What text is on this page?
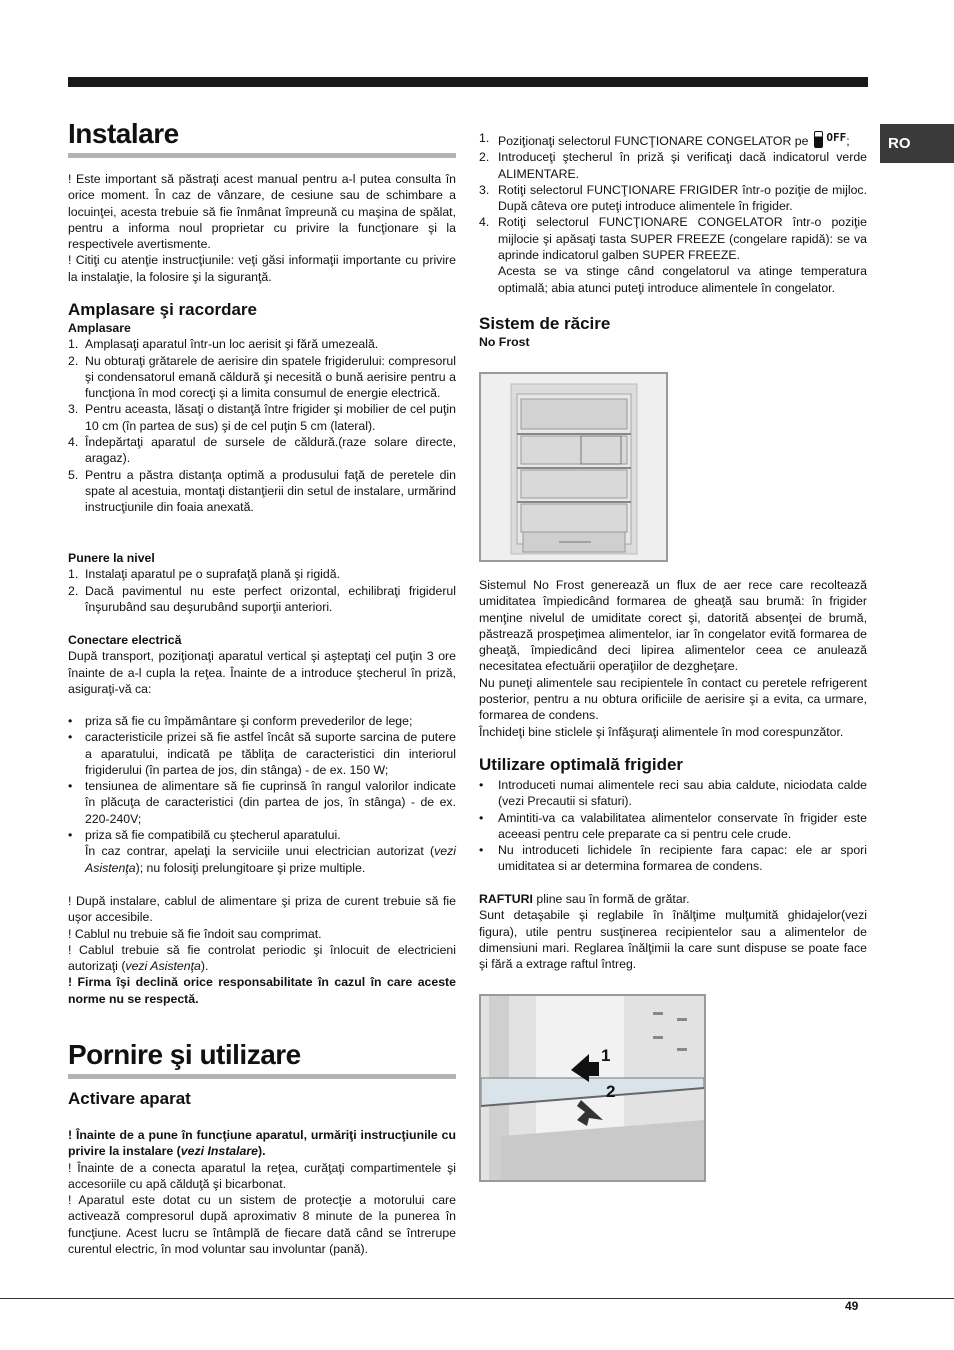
RO
Instalare

! Este important să păstraţi acest manual pentru a-l putea consulta în orice moment. În caz de vânzare, de cesiune sau de schimbare a locuinţei, acesta trebuie să fie înmânat împreună cu maşina de spălat, pentru a informa noul proprietar cu privire la funcţionare şi la respectivele avertismente.

! Citiţi cu atenţie instrucţiunile: veţi găsi informaţii importante cu privire la instalaţie, la folosire şi la siguranţă.

Amplasare şi racordare
Amplasare
1. Amplasaţi aparatul într-un loc aerisit şi fără umezeală.
2. Nu obturaţi grătarele de aerisire din spatele frigiderului: compresorul şi condensatorul emană căldură şi necesită o bună aerisire pentru a funcţiona în mod corecţi şi a limita consumul de energie electrică.
3. Pentru aceasta, lăsaţi o distanţă între frigider şi mobilier de cel puţin 10 cm (în partea de sus) şi de cel puţin 5 cm (lateral).
4. Îndepărtaţi aparatul de sursele de căldură.(raze solare directe, aragaz).
5. Pentru a păstra distanţa optimă a produsului faţă de peretele din spate al acestuia, montaţi distanţierii din setul de instalare, urmărind instrucţiunile din foaia anexată.
Punere la nivel
1. Instalaţi aparatul pe o suprafaţă plană şi rigidă.
2. Dacă pavimentul nu este perfect orizontal, echilibraţi frigiderul înşurubând sau deşurubând suporţii anteriori.
Conectare electrică

După transport, poziţionaţi aparatul vertical şi aşteptaţi cel puţin 3 ore înainte de a-l cupla la reţea. Înainte de a introduce ştecherul în priză, asiguraţi-vă ca:

• priza să fie cu împământare şi conform prevederilor de lege;
• caracteristicile prizei să fie astfel încât să suporte sarcina de putere a aparatului, indicată pe tăbliţa de caracteristici din interiorul frigiderului (în partea de jos, din stânga) - de ex. 150 W;
• tensiunea de alimentare să fie cuprinsă în rangul valorilor indicate în plăcuţa de caracteristici (din partea de jos, în stânga) - de ex. 220-240V;
• priza să fie compatibilă cu ştecherul aparatului.
În caz contrar, apelaţi la serviciile unui electrician autorizat (vezi Asistenţa); nu folosiţi prelungitoare şi prize multiple.

! După instalare, cablul de alimentare şi priza de curent trebuie să fie uşor accesibile.

! Cablul nu trebuie să fie îndoit sau comprimat.

! Cablul trebuie să fie controlat periodic şi înlocuit de electricieni autorizaţi (vezi Asistenţa).

! Firma îşi declină orice responsabilitate în cazul în care aceste norme nu se respectă.

Pornire şi utilizare
Activare aparat

! Înainte de a pune în funcţiune aparatul, urmăriţi instrucţiunile cu privire la instalare (vezi Instalare).

! Înainte de a conecta aparatul la reţea, curăţaţi compartimentele şi accesoriile cu apă călduţă şi bicarbonat.

! Aparatul este dotat cu un sistem de protecţie a motorului care activează compresorul după aproximativ 8 minute de la punerea în funcţiune. Acest lucru se întâmplă de fiecare dată când se întrerupe curentul electric, în mod voluntar sau involuntar (pană).

1. Poziţionaţi selectorul FUNCŢIONARE CONGELATOR pe OFF;
2. Introduceţi ştecherul în priză şi verificaţi dacă indicatorul verde ALIMENTARE.
3. Rotiţi selectorul FUNCŢIONARE FRIGIDER într-o poziţie de mijloc. După câteva ore puteţi introduce alimentele în frigider.
4. Rotiţi selectorul FUNCŢIONARE CONGELATOR într-o poziţie mijlocie şi apăsaţi tasta SUPER FREEZE (congelare rapidă): se va aprinde indicatorul galben SUPER FREEZE.
Acesta se va stinge când congelatorul va atinge temperatura optimală; abia atunci puteţi introduce alimentele în congelator.
Sistem de răcire
No Frost

Sistemul No Frost generează un flux de aer rece care recoltează umiditatea împiedicând formarea de gheaţă sau brumă: în frigider menţine nivelul de umiditate corect şi, datorită absenţei de brumă, păstrează prospeţimea alimentelor, iar în congelator evită formarea de gheaţă, împiedicând deci lipirea alimentelor ceea ce anulează necesitatea efectuării operaţiilor de dezgheţare.

Nu puneţi alimentele sau recipientele în contact cu peretele refrigerent posterior, pentru a nu obtura orificiile de aerisire şi a evita, ca urmare, formarea de condens.

Închideţi bine sticlele şi înfăşuraţi alimentele în mod corespunzător.

Utilizare optimală frigider
• Introduceti numai alimentele reci sau abia caldute, niciodata calde (vezi Precautii si sfaturi).
• Amintiti-va ca valabilitatea alimentelor conservate în frigider este aceeasi pentru cele preparate ca si pentru cele crude.
• Nu introduceti lichidele în recipiente fara capac: ele ar spori umiditatea si ar determina formarea de condens.

RAFTURI pline sau în formă de grătar.

Sunt detaşabile şi reglabile în înălţime mulţumită ghidajelor(vezi figura), utile pentru susţinerea recipientelor sau a alimentelor de dimensiuni mari. Reglarea înălţimii la care sunt dispuse se poate face şi fără a extrage raftul întreg.

1
2
49
